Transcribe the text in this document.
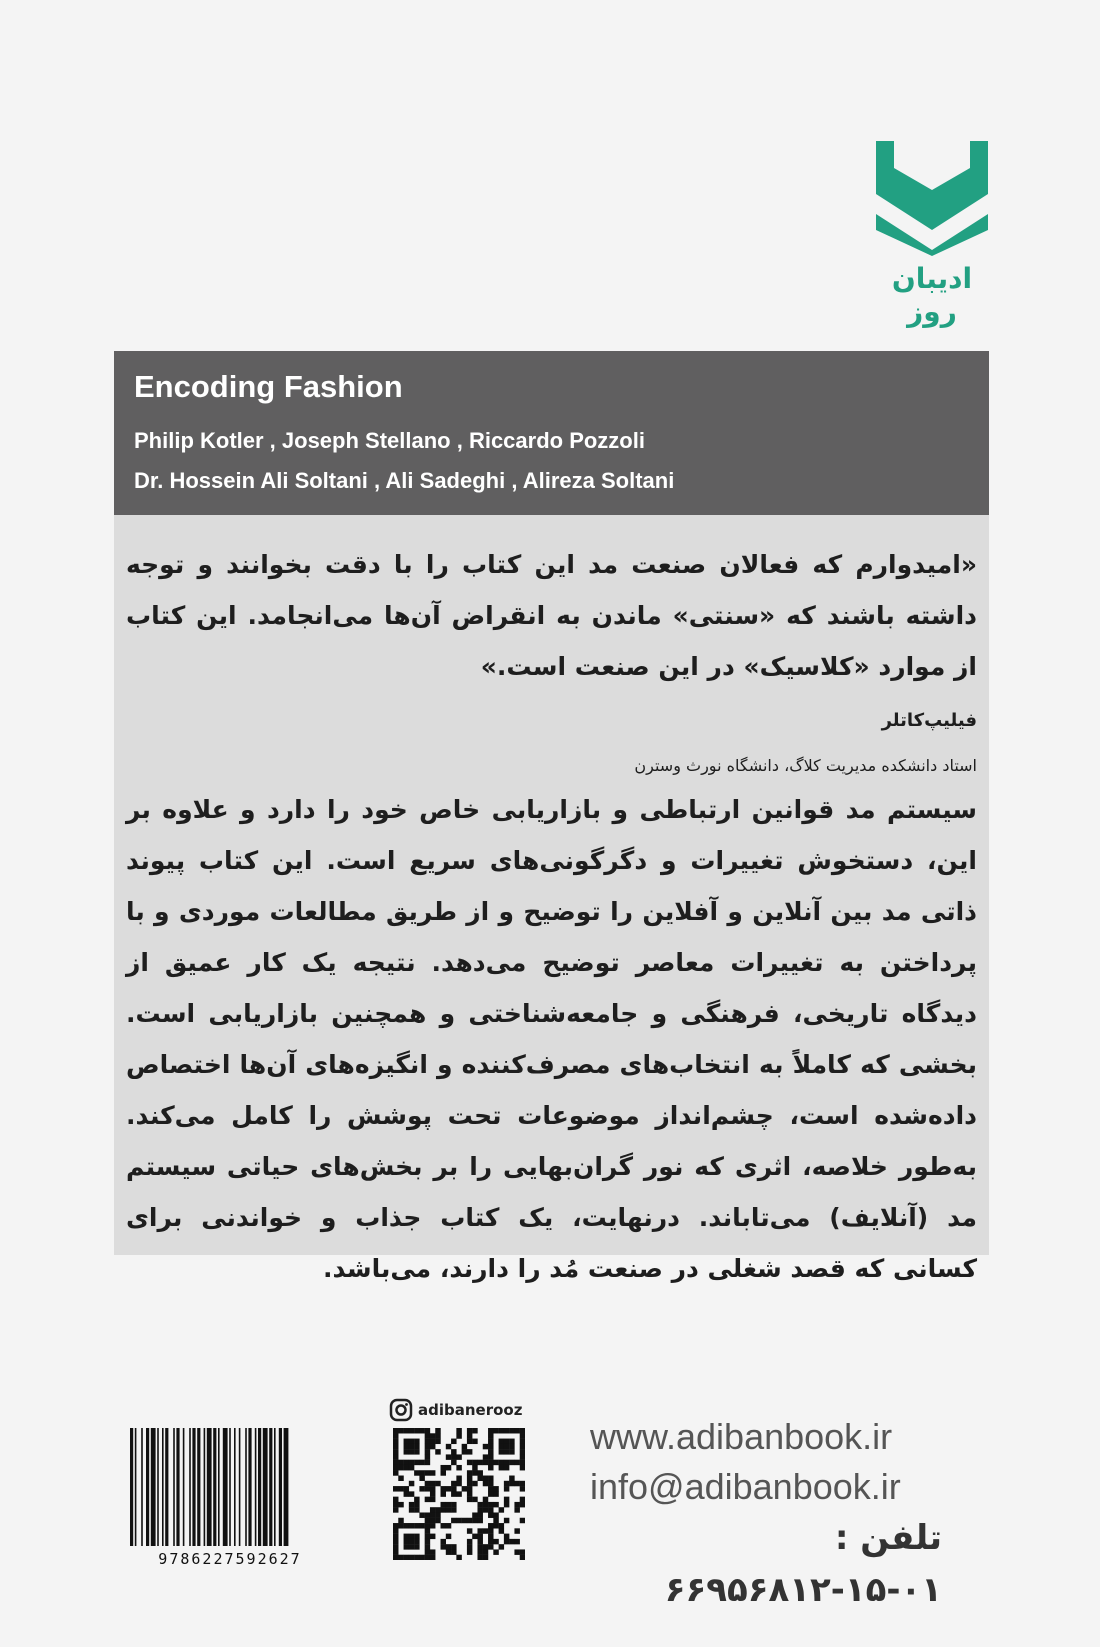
ادیبان روز
Encoding Fashion
Philip Kotler , Joseph Stellano , Riccardo Pozzoli
Dr. Hossein Ali Soltani , Ali Sadeghi , Alireza Soltani
«امیدوارم که فعالان صنعت مد این کتاب را با دقت بخوانند و توجه داشته باشند که «سنتی» ماندن به انقراض آن‌ها می‌انجامد. این کتاب از موارد «کلاسیک» در این صنعت است.»
فیلیپ‌کاتلر
استاد دانشکده مدیریت کلاگ، دانشگاه نورث وسترن
سیستم مد قوانین ارتباطی و بازاریابی خاص خود را دارد و علاوه بر این، دستخوش تغییرات و دگرگونی‌های سریع است. این کتاب پیوند ذاتی مد بین آنلاین و آفلاین را توضیح و از طریق مطالعات موردی و با پرداختن به تغییرات معاصر توضیح می‌دهد. نتیجه یک کار عمیق از دیدگاه تاریخی، فرهنگی و جامعه‌شناختی و همچنین بازاریابی است. بخشی که کاملاً به انتخاب‌های مصرف‌کننده و انگیزه‌های آن‌ها اختصاص داده‌شده است، چشم‌انداز موضوعات تحت پوشش را کامل می‌کند. به‌طور خلاصه، اثری که نور گران‌بهایی را بر بخش‌های حیاتی سیستم مد (آنلایف) می‌تاباند. درنهایت، یک کتاب جذاب و خواندنی برای کسانی که قصد شغلی در صنعت مُد را دارند، می‌باشد.
9786227592627
adibanerooz
www.adibanbook.ir
info@adibanbook.ir
تلفن : ۰۱-۱۵-۶۶۹۵۶۸۱۲
